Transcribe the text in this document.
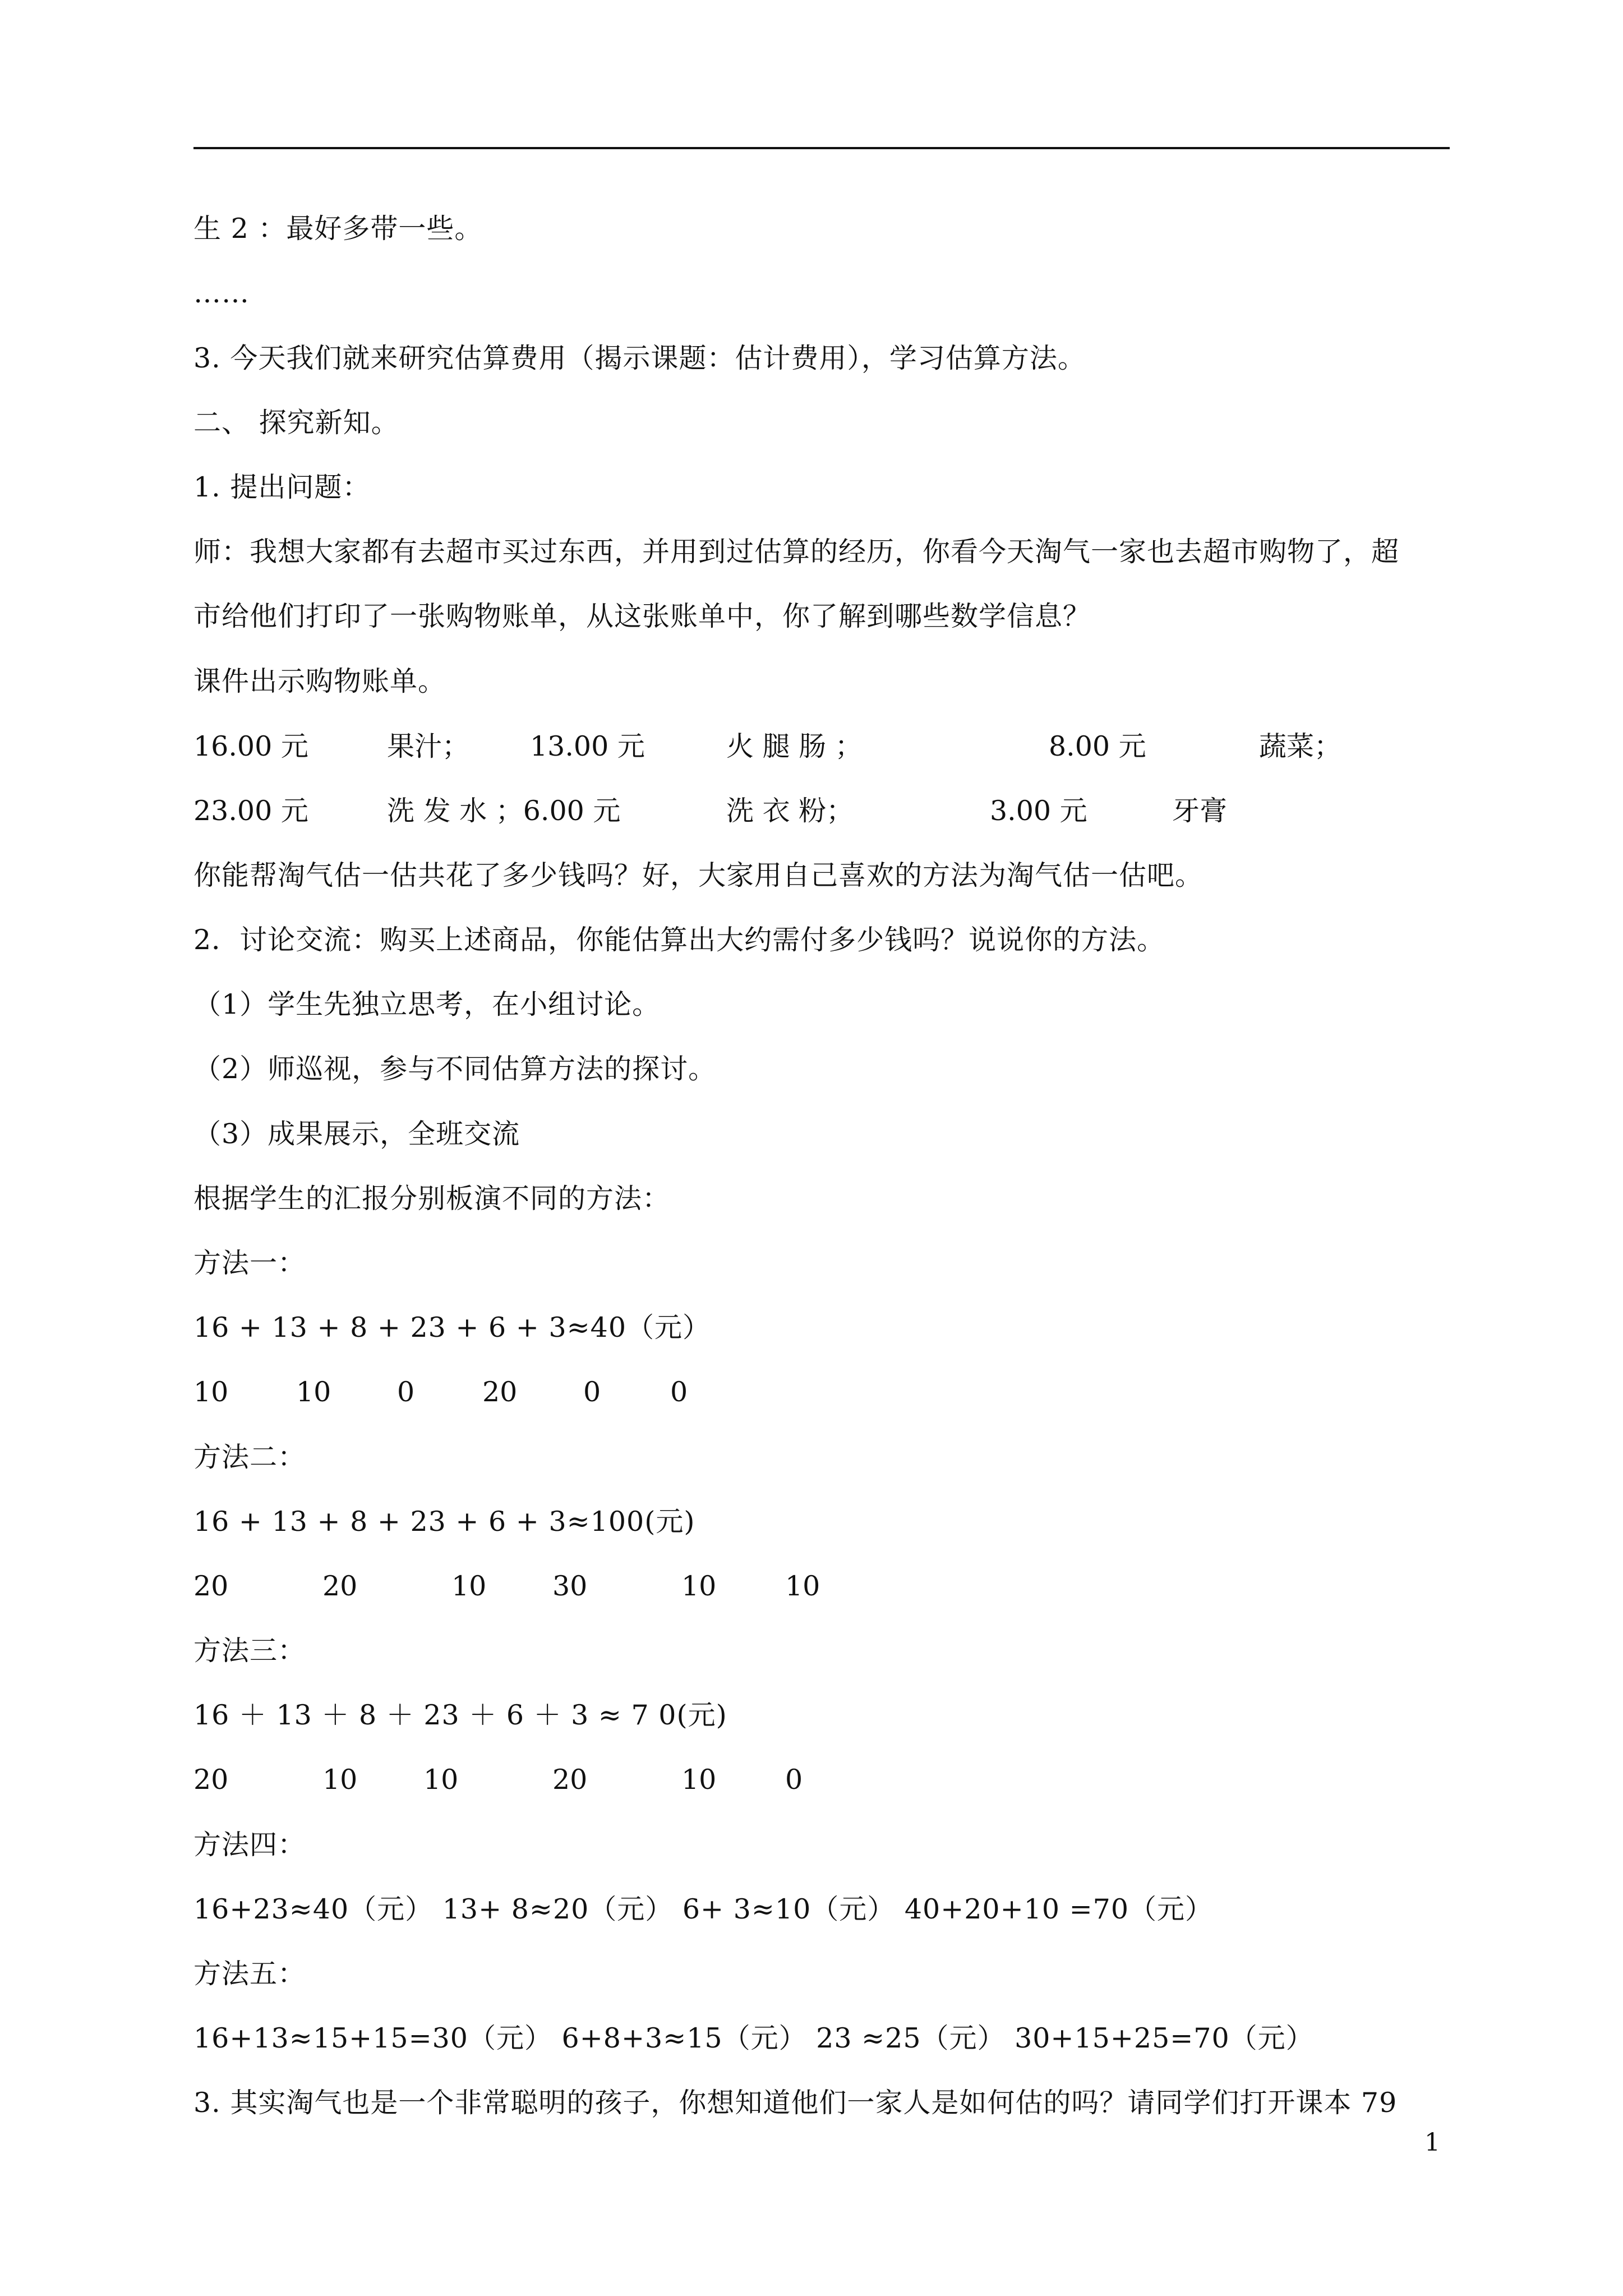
生 2 ：最好多带一些。
……
3. 今天我们就来研究估算费用（揭示课题：估计费用），学习估算方法。
二、 探究新知。
1. 提出问题：
师：我想大家都有去超市买过东西，并用到过估算的经历，你看今天淘气一家也去超市购物了，超
市给他们打印了一张购物账单，从这张账单中，你了解到哪些数学信息？
课件出示购物账单。
16.00 元	果汁； 13.00 元	火 腿 肠 ；	8.00 元	蔬菜；
23.00 元	洗 发 水 ；6.00 元	洗 衣 粉；	3.00 元	牙膏
你能帮淘气估一估共花了多少钱吗？好，大家用自己喜欢的方法为淘气估一估吧。
2．讨论交流：购买上述商品，你能估算出大约需付多少钱吗？说说你的方法。
（1）学生先独立思考，在小组讨论。
（2）师巡视，参与不同估算方法的探讨。
（3）成果展示，全班交流
根据学生的汇报分别板演不同的方法：
方法一：
16 + 13 + 8 + 23 + 6 + 3≈40（元）
10 10 0 20 0	0
方法二：
16 + 13 + 8 + 23 + 6 + 3≈100(元)
20	20	10 30	10	10
方法三：
16 ＋ 13 ＋ 8 ＋ 23 ＋ 6 ＋ 3 ≈ 7 0(元)
20	10 10	20	10	0
方法四：
16+23≈40（元） 13+ 8≈20（元） 6+ 3≈10（元） 40+20+10 =70（元）
方法五：
16+13≈15+15=30（元） 6+8+3≈15（元） 23 ≈25（元） 30+15+25=70（元）
3. 其实淘气也是一个非常聪明的孩子，你想知道他们一家人是如何估的吗？请同学们打开课本 79
1
